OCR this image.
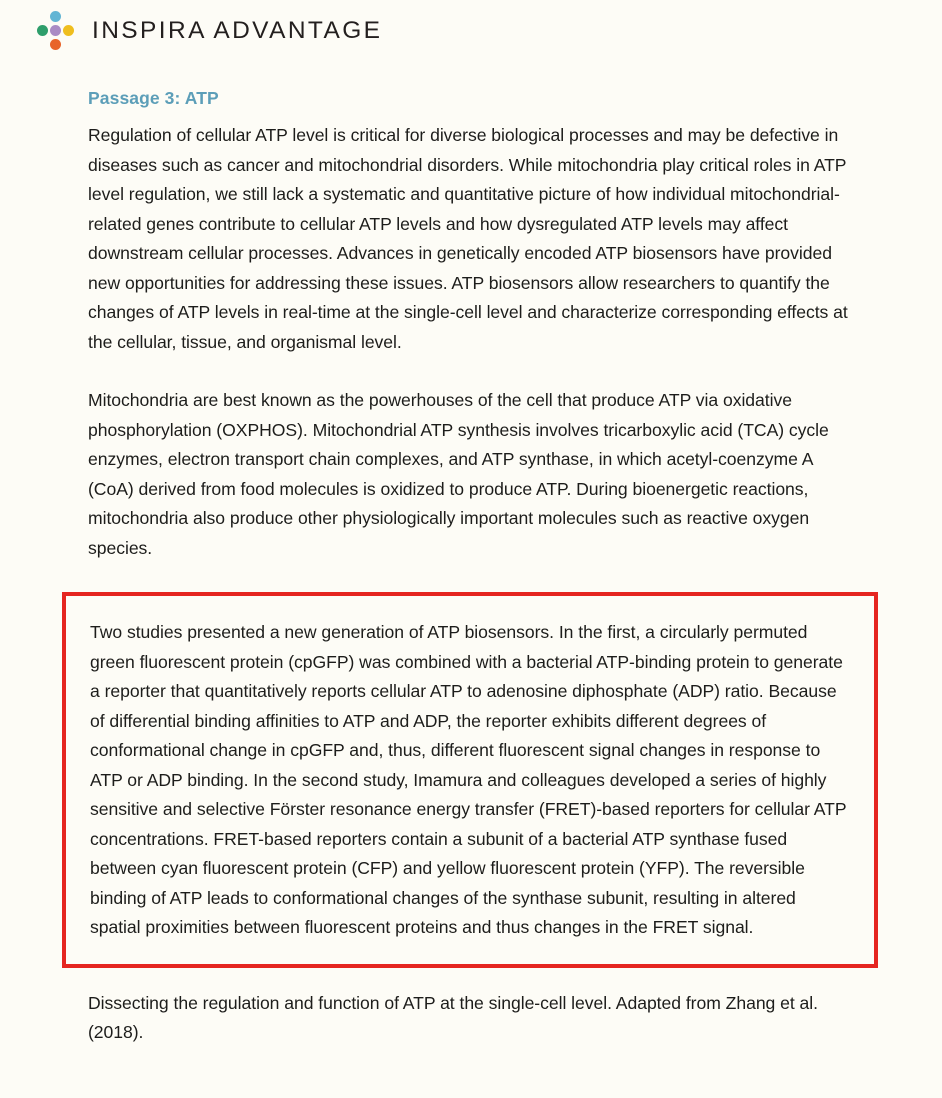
INSPIRA ADVANTAGE
Passage 3: ATP

Regulation of cellular ATP level is critical for diverse biological processes and may be defective in diseases such as cancer and mitochondrial disorders. While mitochondria play critical roles in ATP level regulation, we still lack a systematic and quantitative picture of how individual mitochondrial-related genes contribute to cellular ATP levels and how dysregulated ATP levels may affect downstream cellular processes. Advances in genetically encoded ATP biosensors have provided new opportunities for addressing these issues. ATP biosensors allow researchers to quantify the changes of ATP levels in real-time at the single-cell level and characterize corresponding effects at the cellular, tissue, and organismal level.

Mitochondria are best known as the powerhouses of the cell that produce ATP via oxidative phosphorylation (OXPHOS). Mitochondrial ATP synthesis involves tricarboxylic acid (TCA) cycle enzymes, electron transport chain complexes, and ATP synthase, in which acetyl-coenzyme A (CoA) derived from food molecules is oxidized to produce ATP. During bioenergetic reactions, mitochondria also produce other physiologically important molecules such as reactive oxygen species.

Two studies presented a new generation of ATP biosensors. In the first, a circularly permuted green fluorescent protein (cpGFP) was combined with a bacterial ATP-binding protein to generate a reporter that quantitatively reports cellular ATP to adenosine diphosphate (ADP) ratio. Because of differential binding affinities to ATP and ADP, the reporter exhibits different degrees of conformational change in cpGFP and, thus, different fluorescent signal changes in response to ATP or ADP binding. In the second study, Imamura and colleagues developed a series of highly sensitive and selective Förster resonance energy transfer (FRET)-based reporters for cellular ATP concentrations. FRET-based reporters contain a subunit of a bacterial ATP synthase fused between cyan fluorescent protein (CFP) and yellow fluorescent protein (YFP). The reversible binding of ATP leads to conformational changes of the synthase subunit, resulting in altered spatial proximities between fluorescent proteins and thus changes in the FRET signal.

Dissecting the regulation and function of ATP at the single-cell level. Adapted from Zhang et al. (2018).
